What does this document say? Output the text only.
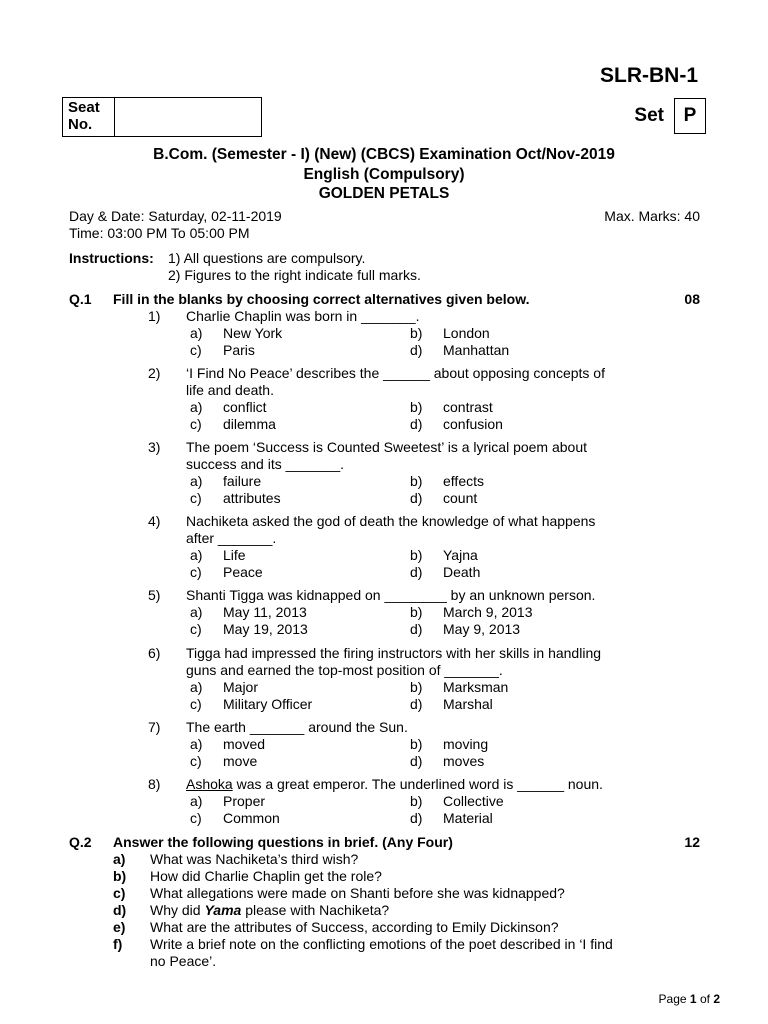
SLR-BN-1
Seat No.	Set	P
B.Com. (Semester - I) (New) (CBCS) Examination Oct/Nov-2019
English (Compulsory)
GOLDEN PETALS
Day & Date: Saturday, 02-11-2019	Max. Marks: 40
Time: 03:00 PM To 05:00 PM
Instructions: 1) All questions are compulsory.
2) Figures to the right indicate full marks.
Q.1 Fill in the blanks by choosing correct alternatives given below.	08
1) Charlie Chaplin was born in _______.
a)	New York	b)	London
c)	Paris	d)	Manhattan
2) ‘I Find No Peace’ describes the ______ about opposing concepts of
life and death.
a)	conflict	b)	contrast
c)	dilemma	d)	confusion
3) The poem ‘Success is Counted Sweetest’ is a lyrical poem about
success and its _______.
a)	failure	b)	effects
c)	attributes	d)	count
4) Nachiketa asked the god of death the knowledge of what happens
after _______.
a)	Life	b)	Yajna
c)	Peace	d)	Death
5) Shanti Tigga was kidnapped on ________ by an unknown person.
a)	May 11, 2013	b)	March 9, 2013
c)	May 19, 2013	d)	May 9, 2013
6) Tigga had impressed the firing instructors with her skills in handling
guns and earned the top-most position of _______.
a)	Major	b)	Marksman
c)	Military Officer	d)	Marshal
7) The earth _______ around the Sun.
a)	moved	b)	moving
c)	move	d)	moves
8) Ashoka was a great emperor. The underlined word is ______ noun.
a)	Proper	b)	Collective
c)	Common	d)	Material
Q.2 Answer the following questions in brief. (Any Four)	12
a) What was Nachiketa’s third wish?
b) How did Charlie Chaplin get the role?
c) What allegations were made on Shanti before she was kidnapped?
d) Why did Yama please with Nachiketa?
e) What are the attributes of Success, according to Emily Dickinson?
f) Write a brief note on the conflicting emotions of the poet described in ‘I find
no Peace’.
Page 1 of 2
